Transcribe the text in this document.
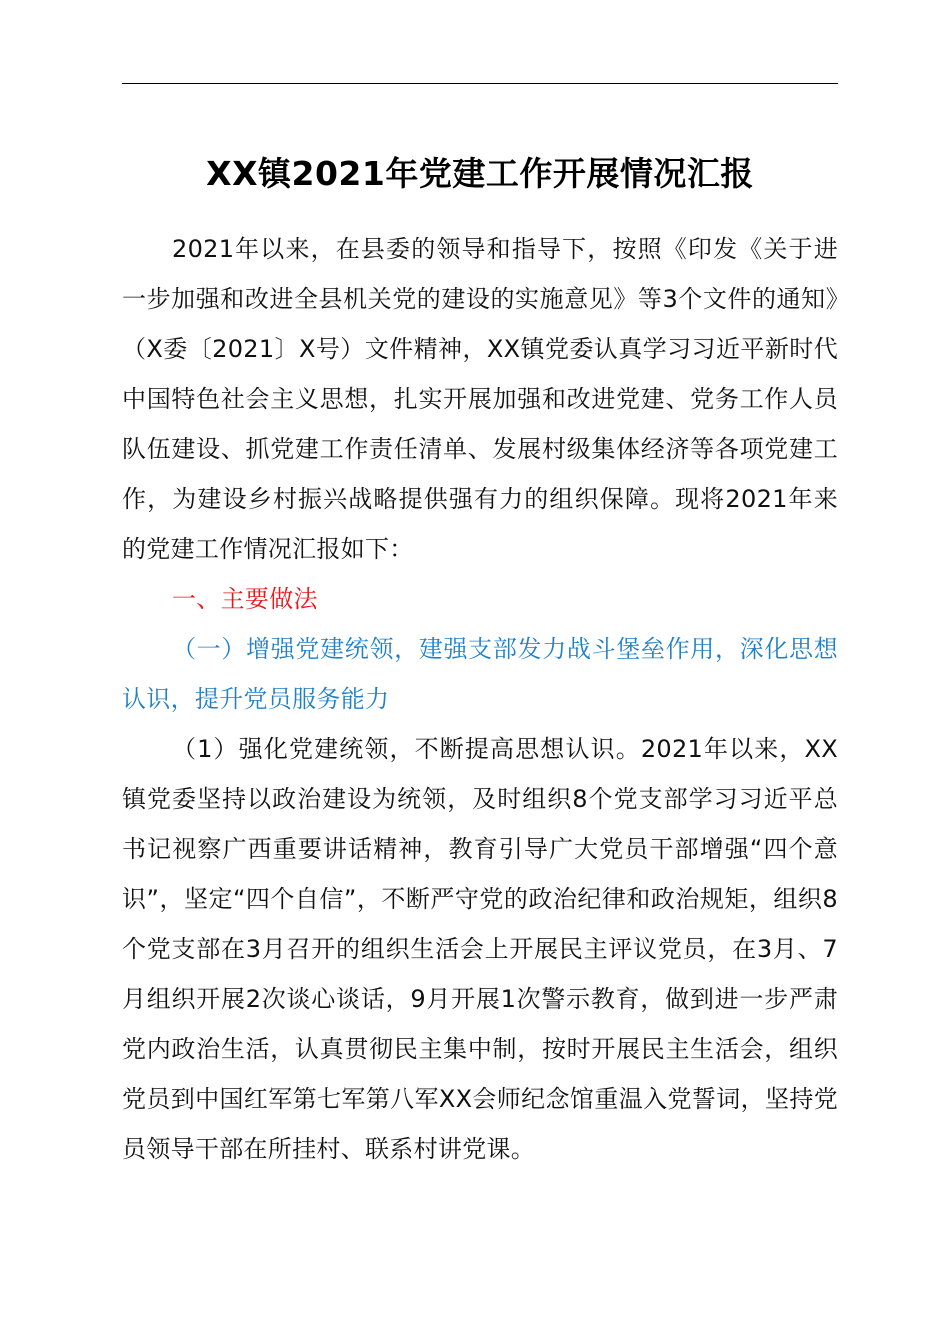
XX镇2021年党建工作开展情况汇报

2021年以来，在县委的领导和指导下，按照《印发《关于进一步加强和改进全县机关党的建设的实施意见》等3个文件的通知》（X委〔2021〕X号）文件精神，XX镇党委认真学习习近平新时代中国特色社会主义思想，扎实开展加强和改进党建、党务工作人员队伍建设、抓党建工作责任清单、发展村级集体经济等各项党建工作，为建设乡村振兴战略提供强有力的组织保障。现将2021年来的党建工作情况汇报如下：

一、主要做法

（一）增强党建统领，建强支部发力战斗堡垒作用，深化思想认识，提升党员服务能力

（1）强化党建统领，不断提高思想认识。2021年以来，XX镇党委坚持以政治建设为统领，及时组织8个党支部学习习近平总书记视察广西重要讲话精神，教育引导广大党员干部增强“四个意识”，坚定“四个自信”，不断严守党的政治纪律和政治规矩，组织8个党支部在3月召开的组织生活会上开展民主评议党员，在3月、7月组织开展2次谈心谈话，9月开展1次警示教育，做到进一步严肃党内政治生活，认真贯彻民主集中制，按时开展民主生活会，组织党员到中国红军第七军第八军XX会师纪念馆重温入党誓词，坚持党员领导干部在所挂村、联系村讲党课。
